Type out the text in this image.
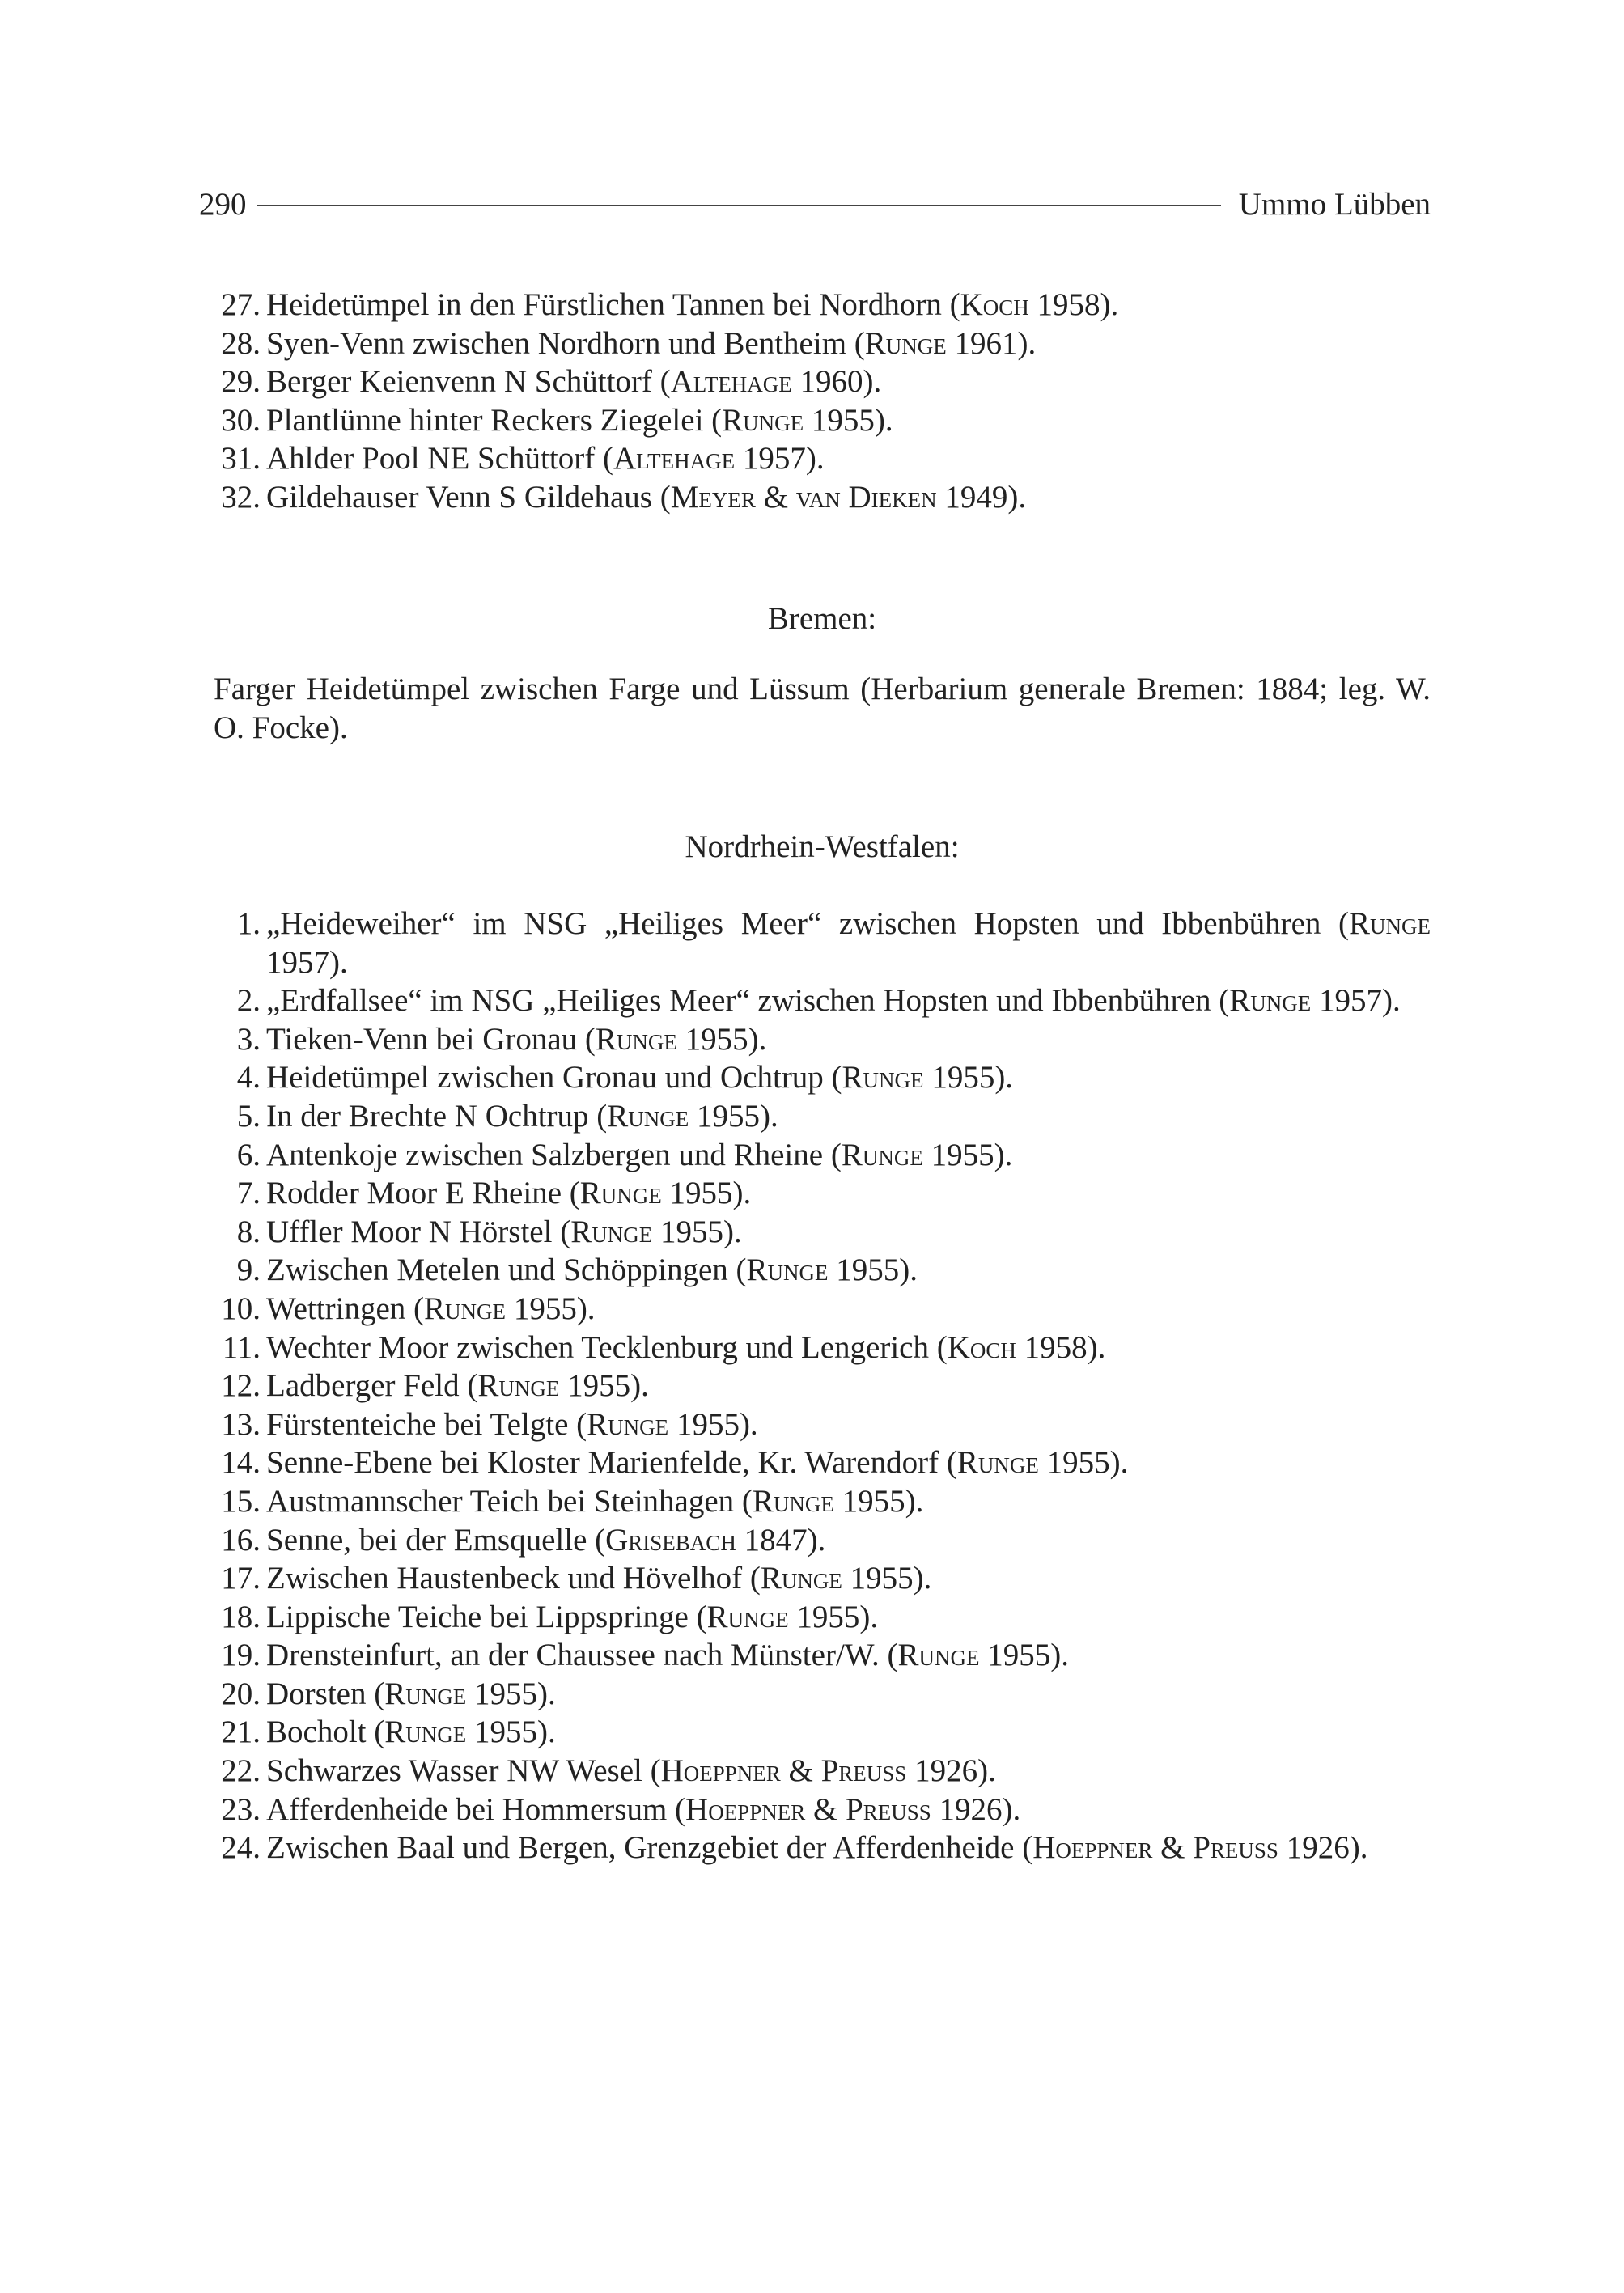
290	Ummo Lübben
27. Heidetümpel in den Fürstlichen Tannen bei Nordhorn (Koch 1958).
28. Syen-Venn zwischen Nordhorn und Bentheim (Runge 1961).
29. Berger Keienvenn N Schüttorf (Altehage 1960).
30. Plantlünne hinter Reckers Ziegelei (Runge 1955).
31. Ahlder Pool NE Schüttorf (Altehage 1957).
32. Gildehauser Venn S Gildehaus (Meyer & van Dieken 1949).
Bremen:
Farger Heidetümpel zwischen Farge und Lüssum (Herbarium generale Bremen: 1884; leg. W. O. Focke).
Nordrhein-Westfalen:
1. „Heideweiher“ im NSG „Heiliges Meer“ zwischen Hopsten und Ibbenbühren (Runge 1957).
2. „Erdfallsee“ im NSG „Heiliges Meer“ zwischen Hopsten und Ibbenbühren (Runge 1957).
3. Tieken-Venn bei Gronau (Runge 1955).
4. Heidetümpel zwischen Gronau und Ochtrup (Runge 1955).
5. In der Brechte N Ochtrup (Runge 1955).
6. Antenkoje zwischen Salzbergen und Rheine (Runge 1955).
7. Rodder Moor E Rheine (Runge 1955).
8. Uffler Moor N Hörstel (Runge 1955).
9. Zwischen Metelen und Schöppingen (Runge 1955).
10. Wettringen (Runge 1955).
11. Wechter Moor zwischen Tecklenburg und Lengerich (Koch 1958).
12. Ladberger Feld (Runge 1955).
13. Fürstenteiche bei Telgte (Runge 1955).
14. Senne-Ebene bei Kloster Marienfelde, Kr. Warendorf (Runge 1955).
15. Austmannscher Teich bei Steinhagen (Runge 1955).
16. Senne, bei der Emsquelle (Grisebach 1847).
17. Zwischen Haustenbeck und Hövelhof (Runge 1955).
18. Lippische Teiche bei Lippspringe (Runge 1955).
19. Drensteinfurt, an der Chaussee nach Münster/W. (Runge 1955).
20. Dorsten (Runge 1955).
21. Bocholt (Runge 1955).
22. Schwarzes Wasser NW Wesel (Hoeppner & Preuss 1926).
23. Afferdenheide bei Hommersum (Hoeppner & Preuss 1926).
24. Zwischen Baal und Bergen, Grenzgebiet der Afferdenheide (Hoeppner & Preuss 1926).
